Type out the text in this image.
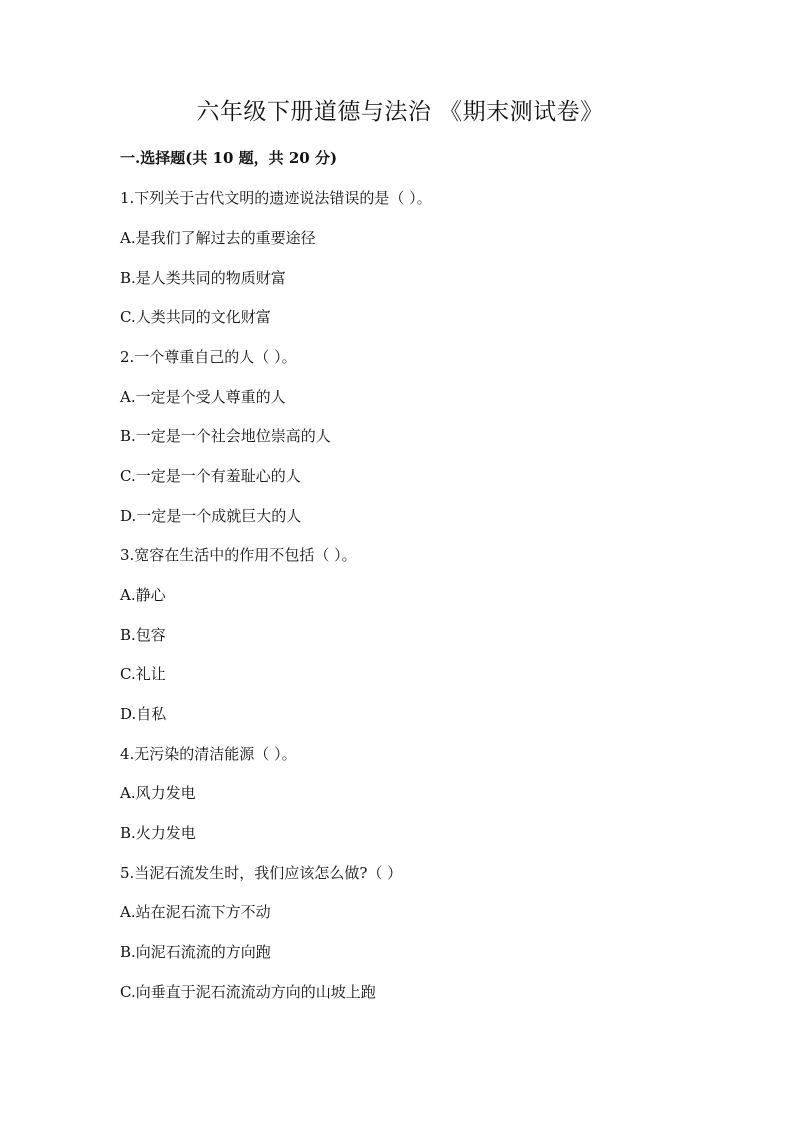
六年级下册道德与法治 《期末测试卷》
一.选择题(共 10 题，共 20 分)
1.下列关于古代文明的遗迹说法错误的是（ ）。
A.是我们了解过去的重要途径
B.是人类共同的物质财富
C.人类共同的文化财富
2.一个尊重自己的人（ ）。
A.一定是个受人尊重的人
B.一定是一个社会地位崇高的人
C.一定是一个有羞耻心的人
D.一定是一个成就巨大的人
3.宽容在生活中的作用不包括（ ）。
A.静心
B.包容
C.礼让
D.自私
4.无污染的清洁能源（ ）。
A.风力发电
B.火力发电
5.当泥石流发生时，我们应该怎么做?（ ）
A.站在泥石流下方不动
B.向泥石流流的方向跑
C.向垂直于泥石流流动方向的山坡上跑
